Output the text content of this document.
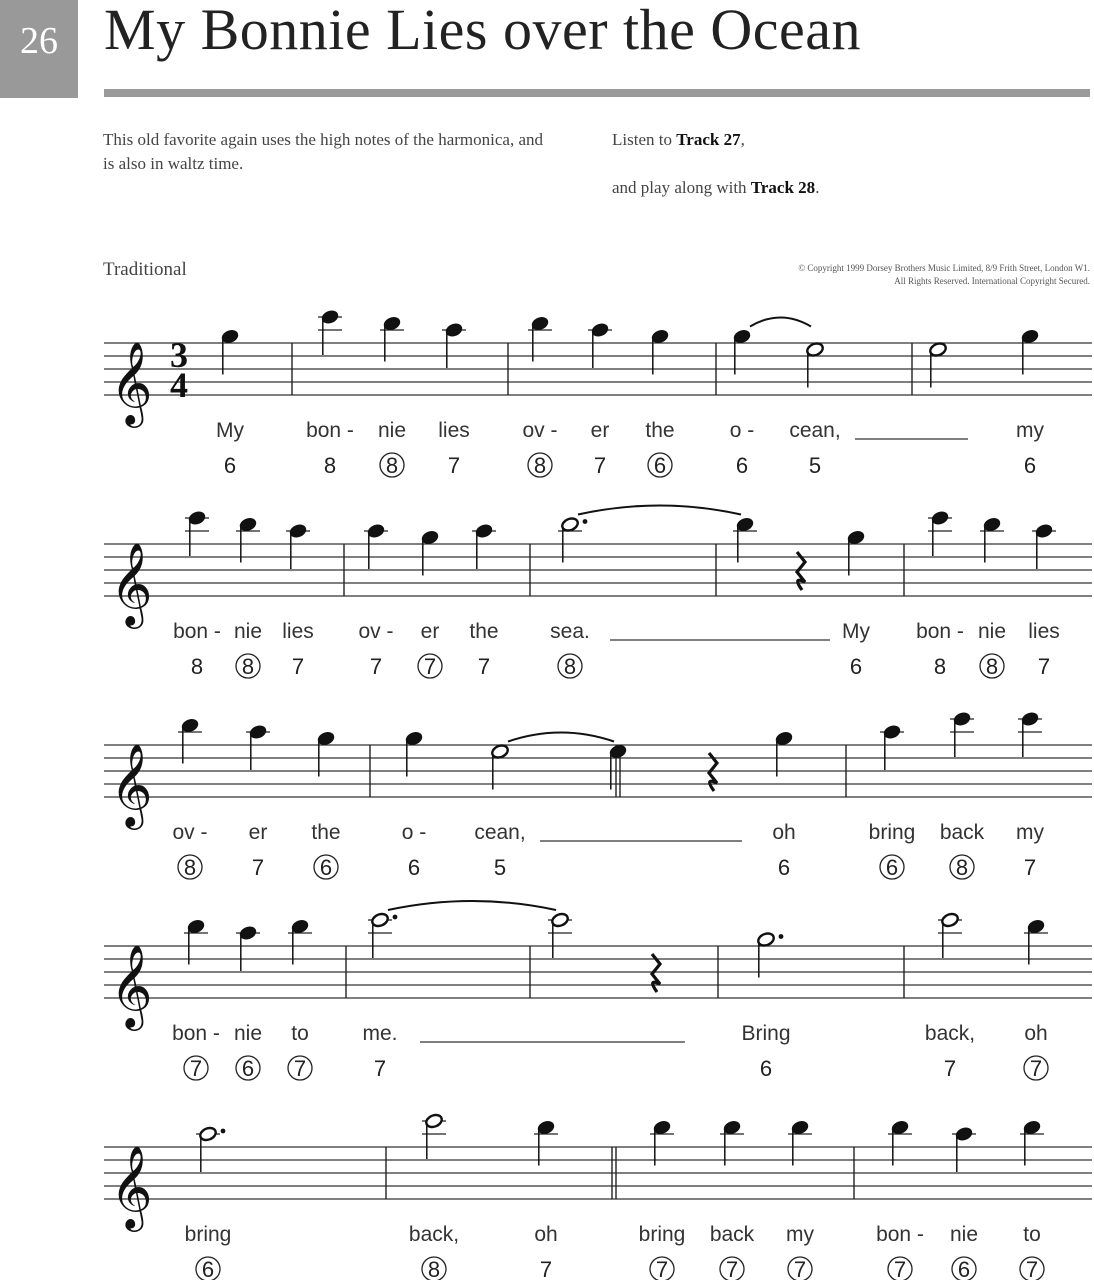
26 My Bonnie Lies over the Ocean
This old favorite again uses the high notes of the harmonica, and is also in waltz time.
Listen to Track 27,
and play along with Track 28.
Traditional	© Copyright 1999 Dorsey Brothers Music Limited, 8/9 Frith Street, London W1.
All Rights Reserved. International Copyright Secured.
𝄞 3
4
My
6
bon -
8
nie
8
lies
7
ov -
8
er
7
the
6
o -
6
cean,
5
my
6
𝄞
bon -
8
nie
8
lies
7
ov -
7
er
7
the
7
sea.
8
My
6
bon -
8
nie
8
lies
7
𝄞
ov -
8
er
7
the
6
o -
6
cean,
5
oh
6
bring
6
back
8
my
7
𝄞
bon -
7
nie
6
to
7
me.
7
Bring
6
back,
7
oh
7
𝄞
bring
6
back,
8
oh
7
bring
7
back
7
my
7
bon -
7
nie
6
to
7
